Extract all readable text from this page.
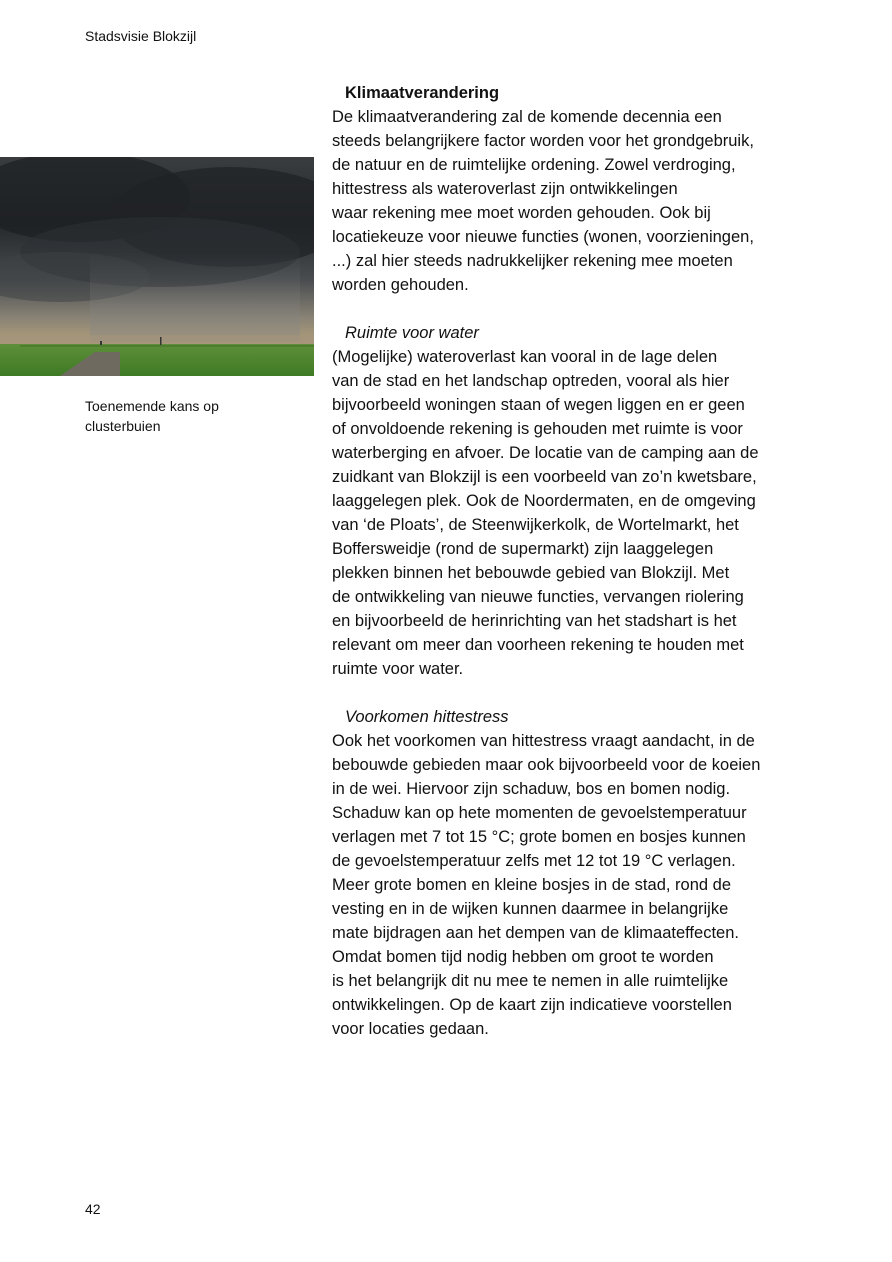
Stadsvisie Blokzijl
Toenemende kans op
clusterbuien
Klimaatverandering

De klimaatverandering zal de komende decennia een
steeds belangrijkere factor worden voor het grondgebruik,
de natuur en de ruimtelijke ordening. Zowel verdroging,
hittestress als wateroverlast zijn ontwikkelingen
waar rekening mee moet worden gehouden. Ook bij
locatiekeuze voor nieuwe functies (wonen, voorzieningen,
...) zal hier steeds nadrukkelijker rekening mee moeten
worden gehouden.

Ruimte voor water

(Mogelijke) wateroverlast kan vooral in de lage delen
van de stad en het landschap optreden, vooral als hier
bijvoorbeeld woningen staan of wegen liggen en er geen
of onvoldoende rekening is gehouden met ruimte is voor
waterberging en afvoer. De locatie van de camping aan de
zuidkant van Blokzijl is een voorbeeld van zo’n kwetsbare,
laaggelegen plek. Ook de Noordermaten, en de omgeving
van ‘de Ploats’, de Steenwijkerkolk, de Wortelmarkt, het
Boffersweidje (rond de supermarkt) zijn laaggelegen
plekken binnen het bebouwde gebied van Blokzijl. Met
de ontwikkeling van nieuwe functies, vervangen riolering
en bijvoorbeeld de herinrichting van het stadshart is het
relevant om meer dan voorheen rekening te houden met
ruimte voor water.

Voorkomen hittestress

Ook het voorkomen van hittestress vraagt aandacht, in de
bebouwde gebieden maar ook bijvoorbeeld voor de koeien
in de wei. Hiervoor zijn schaduw, bos en bomen nodig.
Schaduw kan op hete momenten de gevoelstemperatuur
verlagen met 7 tot 15 °C; grote bomen en bosjes kunnen
de gevoelstemperatuur zelfs met 12 tot 19 °C verlagen.
Meer grote bomen en kleine bosjes in de stad, rond de
vesting en in de wijken kunnen daarmee in belangrijke
mate bijdragen aan het dempen van de klimaateffecten.
Omdat bomen tijd nodig hebben om groot te worden
is het belangrijk dit nu mee te nemen in alle ruimtelijke
ontwikkelingen. Op de kaart zijn indicatieve voorstellen
voor locaties gedaan.

42
